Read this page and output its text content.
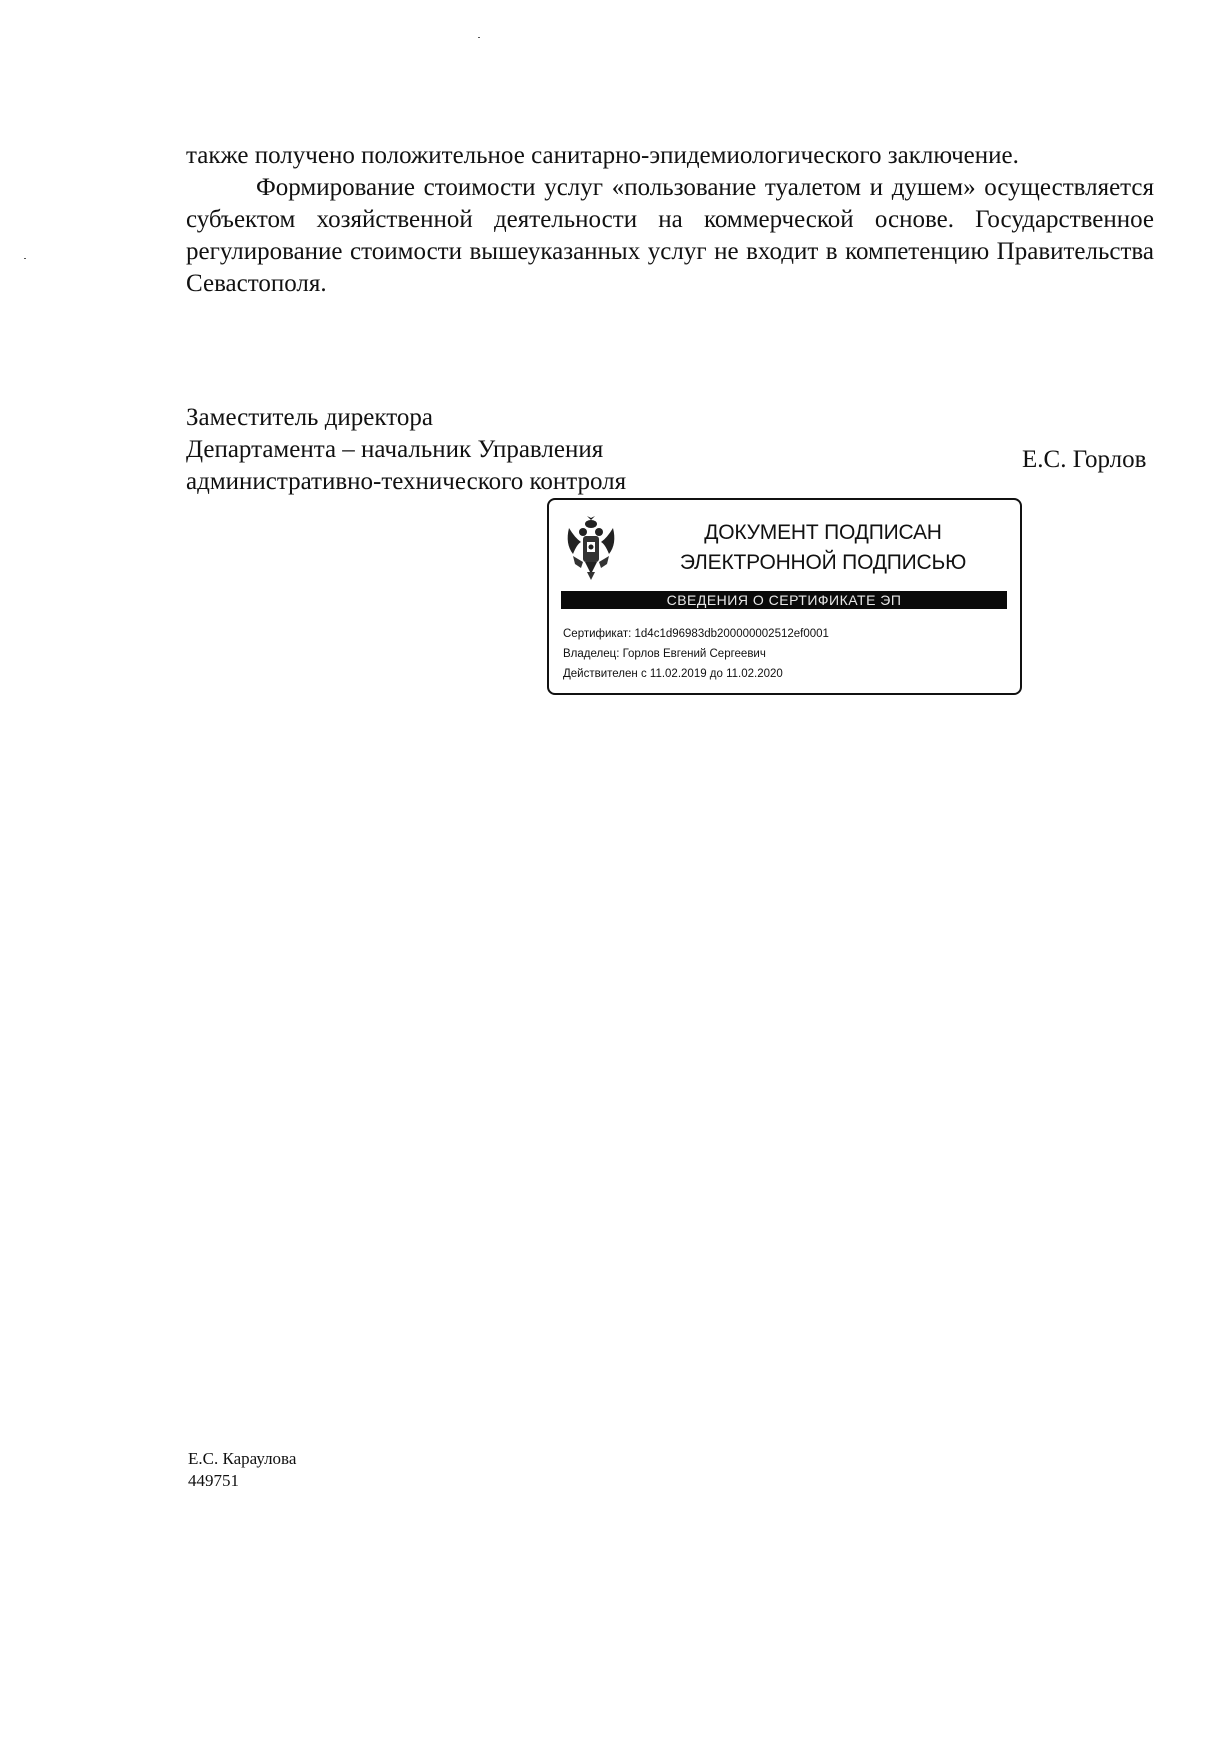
также получено положительное санитарно-эпидемиологического заключение.

Формирование стоимости услуг «пользование туалетом и душем» осуществляется субъектом хозяйственной деятельности на коммерческой основе. Государственное регулирование стоимости вышеуказанных услуг не входит в компетенцию Правительства Севастополя.

Заместитель директора
Департамента – начальник Управления
административно-технического контроля
Е.С. Горлов
ДОКУМЕНТ ПОДПИСАН
ЭЛЕКТРОННОЙ ПОДПИСЬЮ
СВЕДЕНИЯ О СЕРТИФИКАТЕ ЭП
Сертификат: 1d4c1d96983db200000002512ef0001
Владелец: Горлов Евгений Сергеевич
Действителен с 11.02.2019 до 11.02.2020
Е.С. Караулова
449751
